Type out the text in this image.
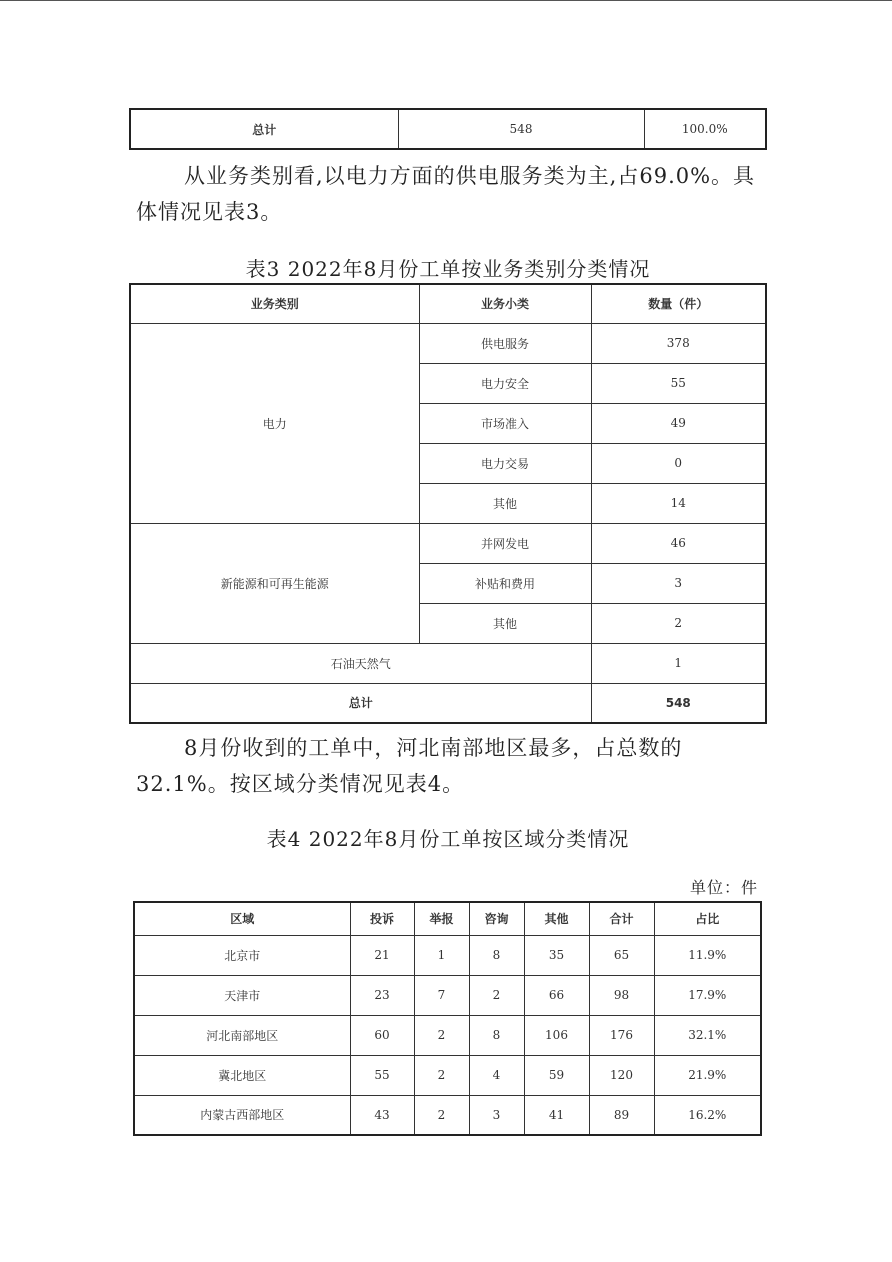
总计	548	100.0%

从业务类别看,以电力方面的供电服务类为主,占69.0%。具体情况见表3。

表3 2022年8月份工单按业务类别分类情况
业务类别	业务小类	数量（件）
电力	供电服务	378
	电力安全	55
	市场准入	49
	电力交易	0
	其他	14
新能源和可再生能源	并网发电	46
	补贴和费用	3
	其他	2
石油天然气		1
总计		548

8月份收到的工单中，河北南部地区最多，占总数的32.1%。按区域分类情况见表4。

表4 2022年8月份工单按区域分类情况
单位：件
区域	投诉	举报	咨询	其他	合计	占比
北京市	21	1	8	35	65	11.9%
天津市	23	7	2	66	98	17.9%
河北南部地区	60	2	8	106	176	32.1%
冀北地区	55	2	4	59	120	21.9%
内蒙古西部地区	43	2	3	41	89	16.2%
